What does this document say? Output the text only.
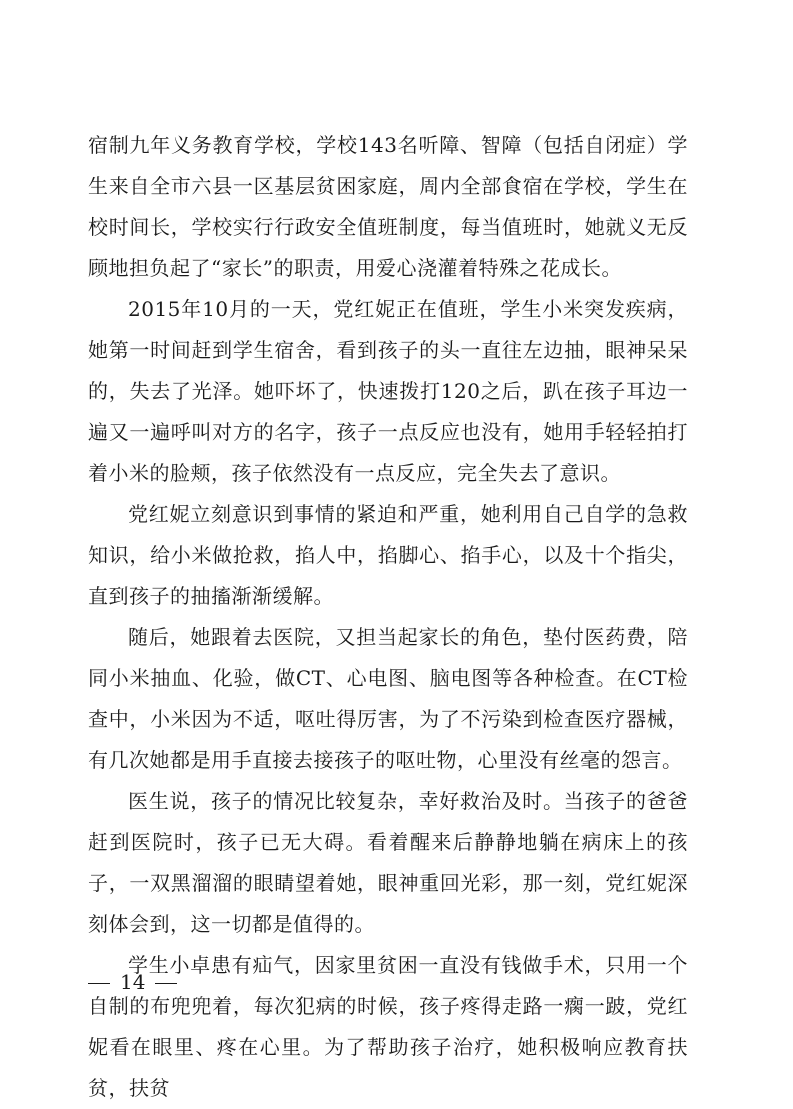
宿制九年义务教育学校，学校143名听障、智障（包括自闭症）学生来自全市六县一区基层贫困家庭，周内全部食宿在学校，学生在校时间长，学校实行行政安全值班制度，每当值班时，她就义无反顾地担负起了“家长”的职责，用爱心浇灌着特殊之花成长。

2015年10月的一天，党红妮正在值班，学生小米突发疾病，她第一时间赶到学生宿舍，看到孩子的头一直往左边抽，眼神呆呆的，失去了光泽。她吓坏了，快速拨打120之后，趴在孩子耳边一遍又一遍呼叫对方的名字，孩子一点反应也没有，她用手轻轻拍打着小米的脸颊，孩子依然没有一点反应，完全失去了意识。

党红妮立刻意识到事情的紧迫和严重，她利用自己自学的急救知识，给小米做抢救，掐人中，掐脚心、掐手心，以及十个指尖，直到孩子的抽搐渐渐缓解。

随后，她跟着去医院，又担当起家长的角色，垫付医药费，陪同小米抽血、化验，做CT、心电图、脑电图等各种检查。在CT检查中，小米因为不适，呕吐得厉害，为了不污染到检查医疗器械，有几次她都是用手直接去接孩子的呕吐物，心里没有丝毫的怨言。

医生说，孩子的情况比较复杂，幸好救治及时。当孩子的爸爸赶到医院时，孩子已无大碍。看着醒来后静静地躺在病床上的孩子，一双黑溜溜的眼睛望着她，眼神重回光彩，那一刻，党红妮深刻体会到，这一切都是值得的。

学生小卓患有疝气，因家里贫困一直没有钱做手术，只用一个自制的布兜兜着，每次犯病的时候，孩子疼得走路一瘸一跛，党红妮看在眼里、疼在心里。为了帮助孩子治疗，她积极响应教育扶贫，扶贫

14
